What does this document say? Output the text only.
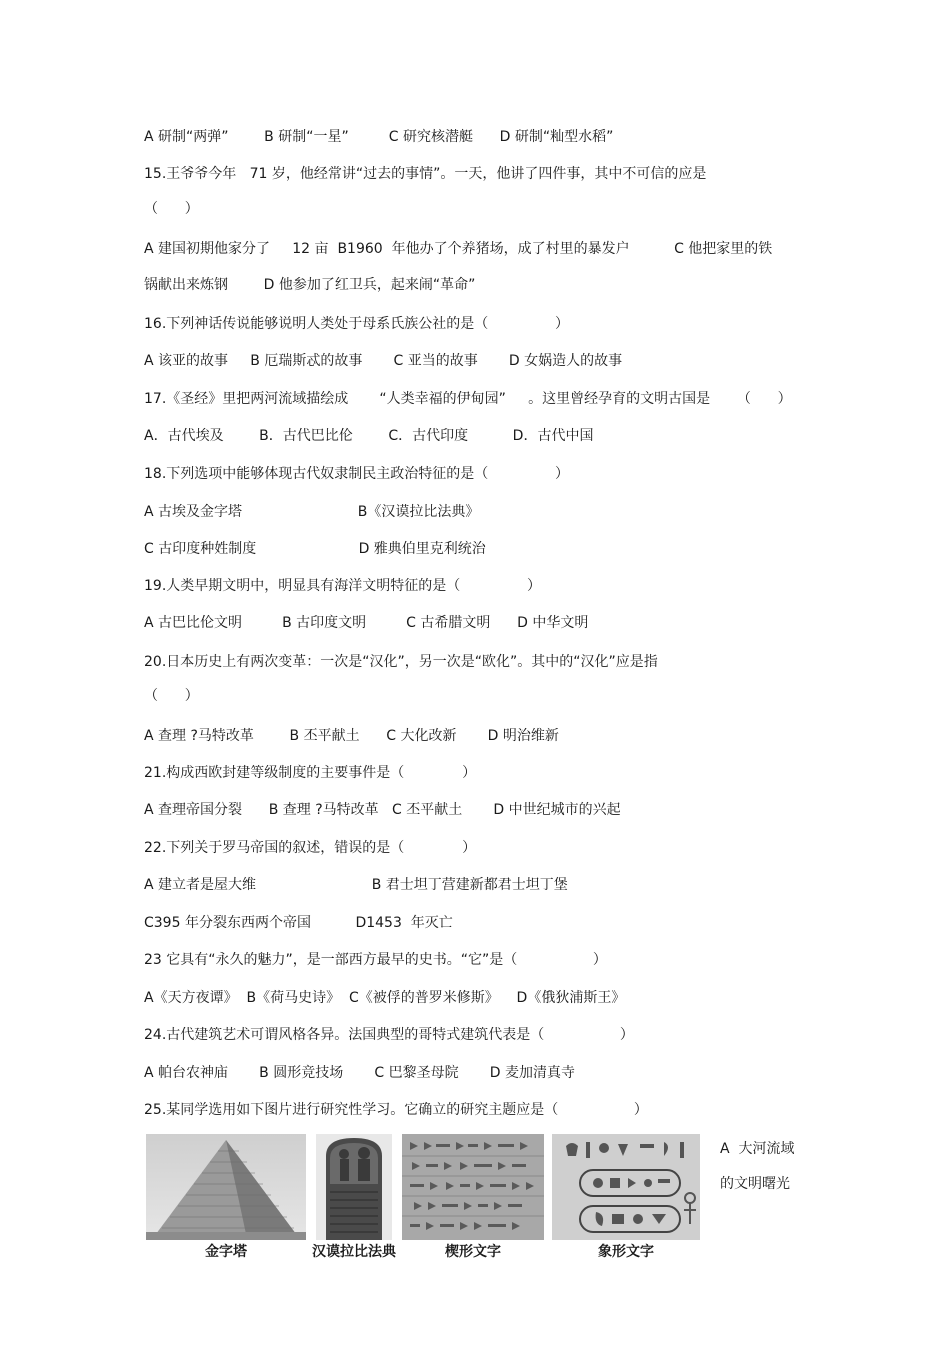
A 研制“两弹”        B 研制“一星”         C 研究核潜艇      D 研制“籼型水稻”
15.王爷爷今年   71 岁，他经常讲“过去的事情”。一天，他讲了四件事，其中不可信的应是
（      ）
A 建国初期他家分了     12 亩  B1960  年他办了个养猪场，成了村里的暴发户          C 他把家里的铁
锅献出来炼钢        D 他参加了红卫兵，起来闹“革命”
16.下列神话传说能够说明人类处于母系氏族公社的是（               ）
A 该亚的故事     B 厄瑞斯忒的故事       C 亚当的故事       D 女娲造人的故事
17.《圣经》里把两河流域描绘成       “人类幸福的伊甸园”     。这里曾经孕育的文明古国是      （      ）
A．古代埃及        B．古代巴比伦        C．古代印度          D．古代中国
18.下列选项中能够体现古代奴隶制民主政治特征的是（               ）
A 古埃及金字塔                          B《汉谟拉比法典》
C 古印度种姓制度                       D 雅典伯里克利统治
19.人类早期文明中，明显具有海洋文明特征的是（               ）
A 古巴比伦文明         B 古印度文明         C 古希腊文明      D 中华文明
20.日本历史上有两次变革：一次是“汉化”，另一次是“欧化”。其中的“汉化”应是指
（      ）
A 查理 ?马特改革        B 丕平献土      C 大化改新       D 明治维新
21.构成西欧封建等级制度的主要事件是（             ）
A 查理帝国分裂      B 查理 ?马特改革   C 丕平献土       D 中世纪城市的兴起
22.下列关于罗马帝国的叙述，错误的是（             ）
A 建立者是屋大维                          B 君士坦丁营建新都君士坦丁堡
C395 年分裂东西两个帝国          D1453  年灭亡
23 它具有“永久的魅力”，是一部西方最早的史书。“它”是（                 ）
A《天方夜谭》  B《荷马史诗》  C《被俘的普罗米修斯》    D《俄狄浦斯王》
24.古代建筑艺术可谓风格各异。法国典型的哥特式建筑代表是（                 ）
A 帕台农神庙       B 圆形竞技场       C 巴黎圣母院       D 麦加清真寺
25.某同学选用如下图片进行研究性学习。它确立的研究主题应是（                 ）
金字塔	汉谟拉比法典	楔形文字	象形文字
A  大河流域
的文明曙光
